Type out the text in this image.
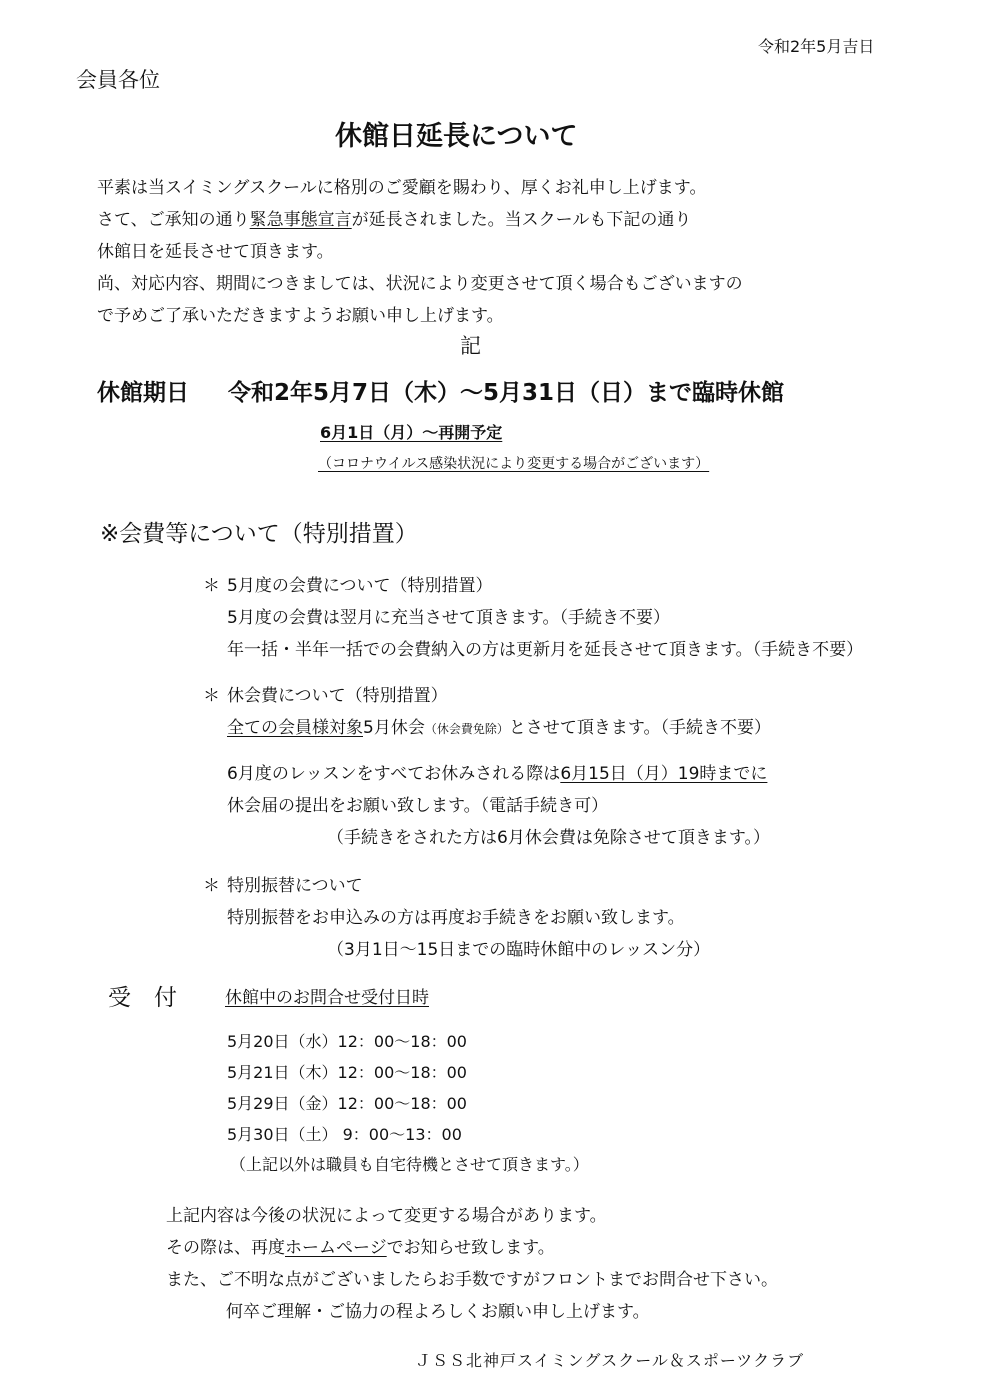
令和2年5月吉日
会員各位
休館日延長について
平素は当スイミングスクールに格別のご愛顧を賜わり、厚くお礼申し上げます。
さて、ご承知の通り緊急事態宣言が延長されました。当スクールも下記の通り
休館日を延長させて頂きます。
尚、対応内容、期間につきましては、状況により変更させて頂く場合もございますの
で予めご了承いただきますようお願い申し上げます。
記
休館期日 令和2年5月7日（木）～5月31日（日）まで臨時休館
6月1日（月）～再開予定
（コロナウイルス感染状況により変更する場合がございます）
※会費等について（特別措置）
＊ 5月度の会費について（特別措置）
5月度の会費は翌月に充当させて頂きます。（手続き不要）
年一括・半年一括での会費納入の方は更新月を延長させて頂きます。（手続き不要）
＊ 休会費について（特別措置）
全ての会員様対象5月休会（休会費免除）とさせて頂きます。（手続き不要）
6月度のレッスンをすべてお休みされる際は6月15日（月）19時までに
休会届の提出をお願い致します。（電話手続き可）
（手続きをされた方は6月休会費は免除させて頂きます。）
＊ 特別振替について
特別振替をお申込みの方は再度お手続きをお願い致します。
（3月1日～15日までの臨時休館中のレッスン分）
受　付	休館中のお問合せ受付日時
5月20日（水）12：00～18：00
5月21日（木）12：00～18：00
5月29日（金）12：00～18：00
5月30日（土） 9：00～13：00
（上記以外は職員も自宅待機とさせて頂きます。）
上記内容は今後の状況によって変更する場合があります。
その際は、再度ホームページでお知らせ致します。
また、ご不明な点がございましたらお手数ですがフロントまでお問合せ下さい。
何卒ご理解・ご協力の程よろしくお願い申し上げます。
ＪＳＳ北神戸スイミングスクール＆スポーツクラブ
